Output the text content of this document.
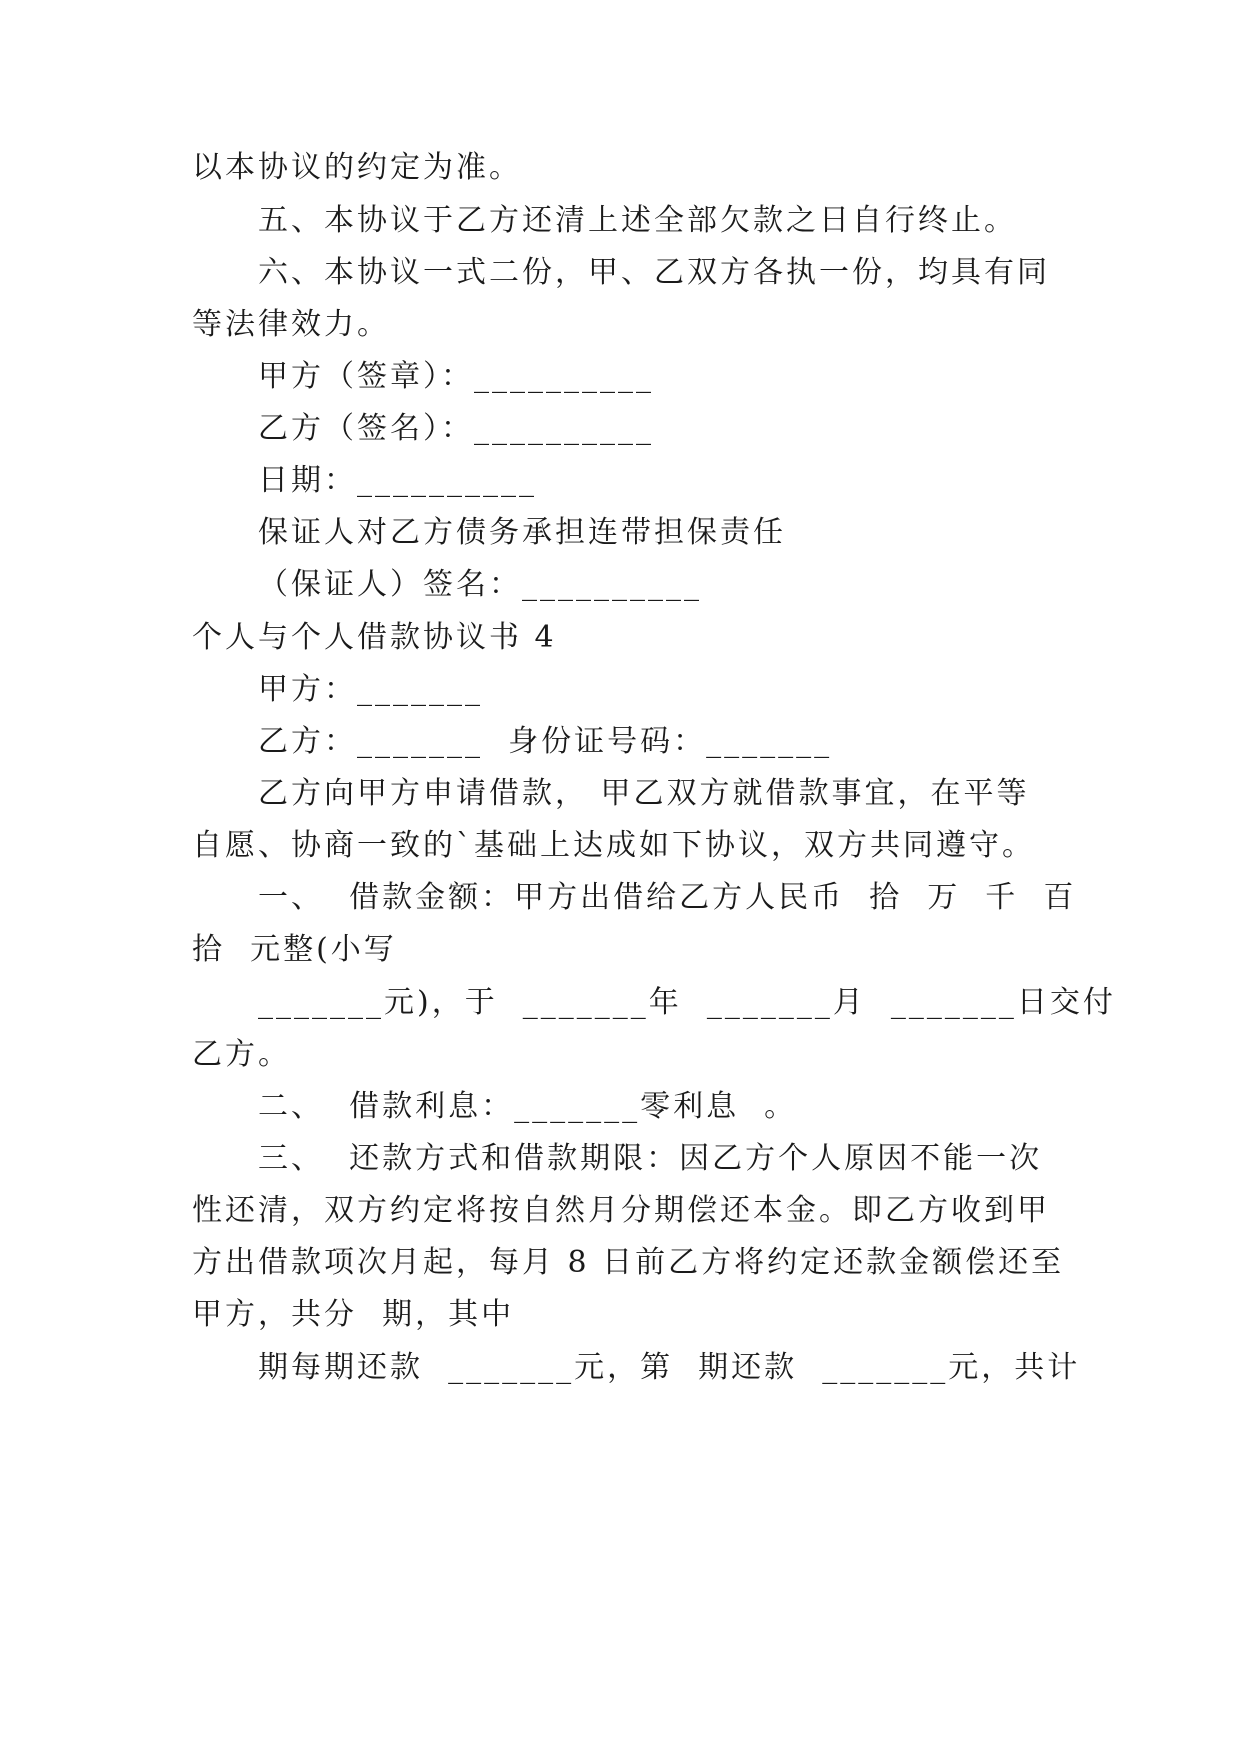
以本协议的约定为准。
五、本协议于乙方还清上述全部欠款之日自行终止。
六、本协议一式二份，甲、乙双方各执一份，均具有同
等法律效力。
甲方（签章）：__________
乙方（签名）：__________
日期：__________
保证人对乙方债务承担连带担保责任
（保证人）签名：__________
个人与个人借款协议书 4
甲方：_______
乙方：_______  身份证号码：_______
乙方向甲方申请借款， 甲乙双方就借款事宜，在平等
自愿、协商一致的`基础上达成如下协议，双方共同遵守。
一、  借款金额：甲方出借给乙方人民币  拾  万  千  百
拾  元整(小写
_______元)，于  _______年  _______月  _______日交付
乙方。
二、  借款利息：_______零利息  。
三、  还款方式和借款期限：因乙方个人原因不能一次
性还清，双方约定将按自然月分期偿还本金。即乙方收到甲
方出借款项次月起，每月 8 日前乙方将约定还款金额偿还至
甲方，共分  期，其中
期每期还款  _______元，第  期还款  _______元，共计
